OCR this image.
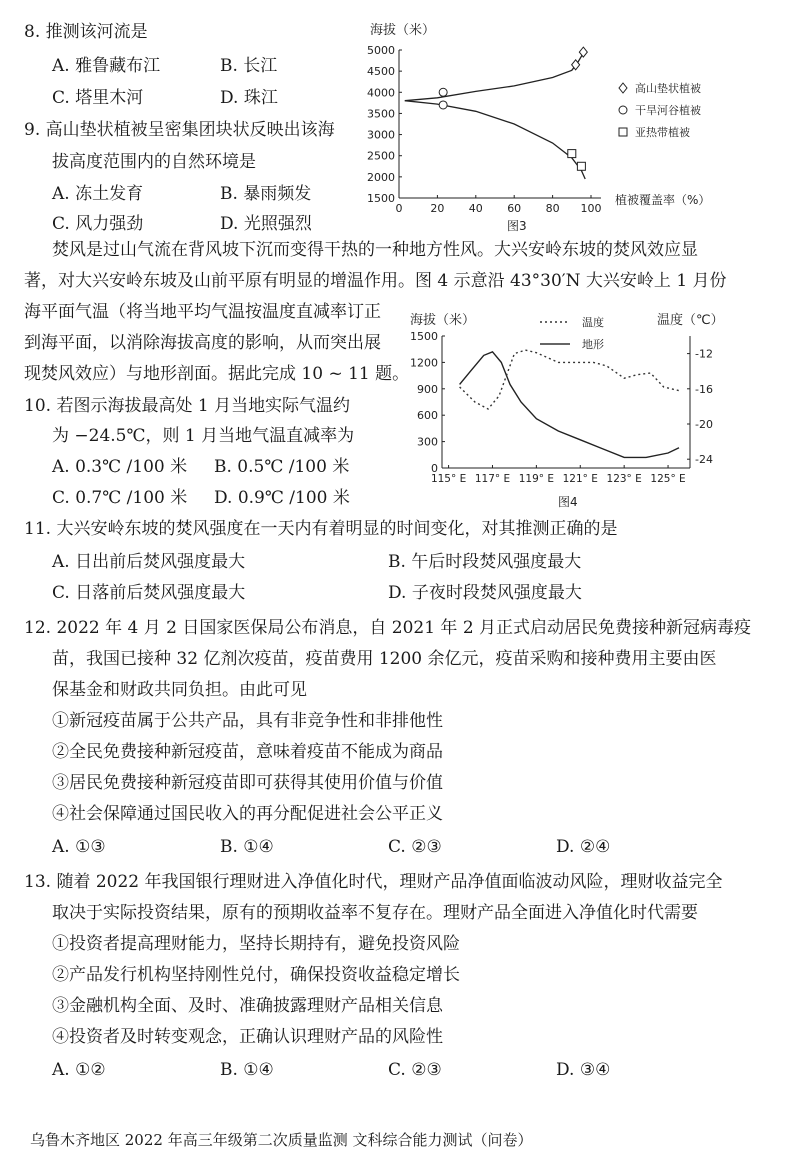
8. 推测该河流是
A. 雅鲁藏布江	B. 长江
C. 塔里木河	D. 珠江
9. 高山垫状植被呈密集团块状反映出该海
拔高度范围内的自然环境是
A. 冻土发育	B. 暴雨频发
C. 风力强劲	D. 光照强烈
海拔（米）
1500
2000
2500
3000
3500
4000
4500
5000
0	20 40 60 80 100
植被覆盖率（%）
图3
高山垫状植被
干旱河谷植被
亚热带植被
焚风是过山气流在背风坡下沉而变得干热的一种地方性风。大兴安岭东坡的焚风效应显
著，对大兴安岭东坡及山前平原有明显的增温作用。图 4 示意沿 43°30′N 大兴安岭上 1 月份
海平面气温（将当地平均气温按温度直减率订正
到海平面，以消除海拔高度的影响，从而突出展
现焚风效应）与地形剖面。据此完成 10 ~ 11 题。
10. 若图示海拔最高处 1 月当地实际气温约
为 −24.5℃，则 1 月当地气温直减率为
A. 0.3℃ /100 米 B. 0.5℃ /100 米
C. 0.7℃ /100 米 D. 0.9℃ /100 米
海拔（米）	温度（℃）
温度
地形
0
300
600
900
1200
1500
-12
-16
-20
-24
115° E 117° E 119° E 121° E 123° E 125° E
图4
11. 大兴安岭东坡的焚风强度在一天内有着明显的时间变化，对其推测正确的是
A. 日出前后焚风强度最大	B. 午后时段焚风强度最大
C. 日落前后焚风强度最大	D. 子夜时段焚风强度最大
12. 2022 年 4 月 2 日国家医保局公布消息，自 2021 年 2 月正式启动居民免费接种新冠病毒疫
苗，我国已接种 32 亿剂次疫苗，疫苗费用 1200 余亿元，疫苗采购和接种费用主要由医
保基金和财政共同负担。由此可见
①新冠疫苗属于公共产品，具有非竞争性和非排他性
②全民免费接种新冠疫苗，意味着疫苗不能成为商品
③居民免费接种新冠疫苗即可获得其使用价值与价值
④社会保障通过国民收入的再分配促进社会公平正义
A. ①③	B. ①④	C. ②③	D. ②④
13. 随着 2022 年我国银行理财进入净值化时代，理财产品净值面临波动风险，理财收益完全
取决于实际投资结果，原有的预期收益率不复存在。理财产品全面进入净值化时代需要
①投资者提高理财能力，坚持长期持有，避免投资风险
②产品发行机构坚持刚性兑付，确保投资收益稳定增长
③金融机构全面、及时、准确披露理财产品相关信息
④投资者及时转变观念，正确认识理财产品的风险性
A. ①②	B. ①④	C. ②③	D. ③④
乌鲁木齐地区 2022 年高三年级第二次质量监测 文科综合能力测试（问卷）
